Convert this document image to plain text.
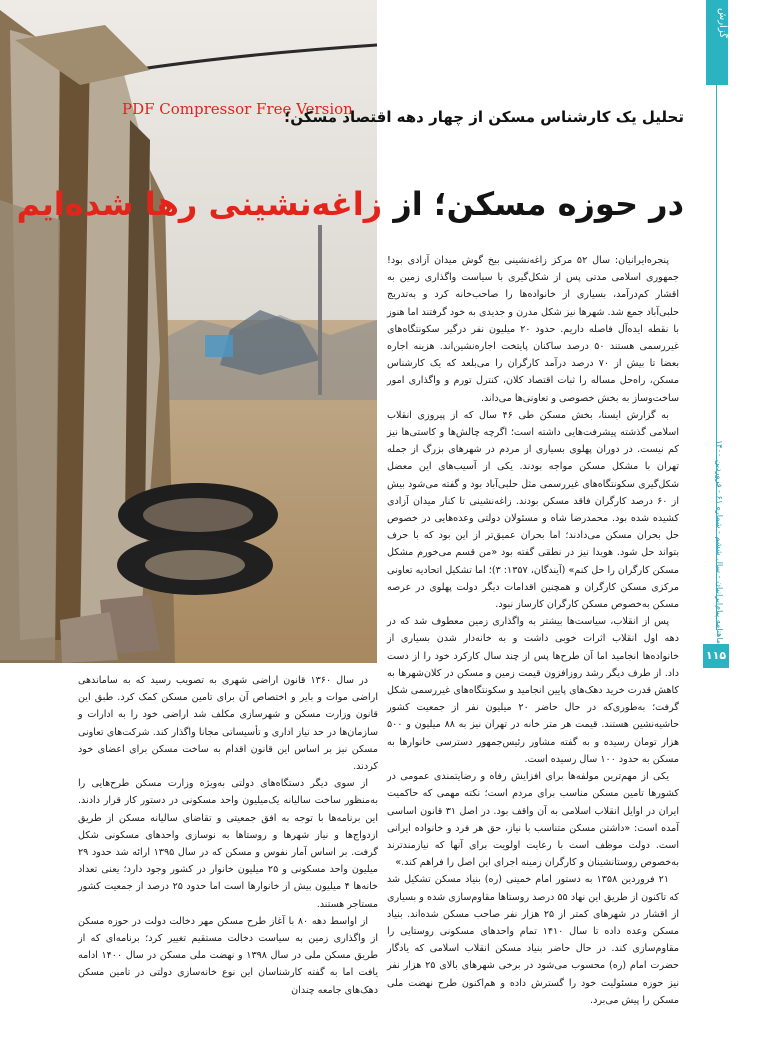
PDF Compressor Free Version
تحلیل یک کارشناس مسکن از چهار دهه اقتصاد مسکن؛
در حوزه مسکن؛ از زاغه‌نشینی رها شده‌ایم
گزارش
ماهنامه پیام‌ایرانیان - سال ششم - شماره ۶۱ - فروردین ۱۴۰۰
۱۱۵

پنجره‌ایرانیان: سال ۵۲ مرکز زاغه‌نشینی بیخ گوش میدان آزادی بود! جمهوری اسلامی مدتی پس از شکل‌گیری با سیاست واگذاری زمین به اقشار کم‌درآمد، بسیاری از خانواده‌ها را صاحب‌خانه کرد و به‌تدریج حلبی‌آباد جمع شد. شهرها نیز شکل مدرن و جدیدی به خود گرفتند اما هنوز با نقطه ایده‌آل فاصله داریم. حدود ۲۰ میلیون نفر درگیر سکونتگاه‌های غیررسمی هستند ۵۰ درصد ساکنان پایتخت اجاره‌نشین‌اند. هزینه اجاره بعضا تا بیش از ۷۰ درصد درآمد کارگران را می‌بلعد که یک کارشناس مسکن، راه‌حل مساله را ثبات اقتصاد کلان، کنترل تورم و واگذاری امور ساخت‌وساز به بخش خصوصی و تعاونی‌ها می‌داند.

به گزارش ایسنا، بخش مسکن طی ۴۶ سال که از پیروزی انقلاب اسلامی گذشته پیشرفت‌هایی داشته است؛ اگرچه چالش‌ها و کاستی‌ها نیز کم نیست. در دوران پهلوی بسیاری از مردم در شهرهای بزرگ از جمله تهران با مشکل مسکن مواجه بودند. یکی از آسیب‌های این معضل شکل‌گیری سکونتگاه‌های غیررسمی مثل حلبی‌آباد بود و گفته می‌شود بیش از ۶۰ درصد کارگران فاقد مسکن بودند. زاغه‌نشینی تا کنار میدان آزادی کشیده شده بود. محمدرضا شاه و مسئولان دولتی وعده‌هایی در خصوص حل بحران مسکن می‌دادند؛ اما بحران عمیق‌تر از این بود که با حرف بتواند حل شود. هویدا نیز در نطقی گفته بود «من قسم می‌خورم مشکل مسکن کارگران را حل کنم» (آیندگان، ۱۳۵۷: ۳)؛ اما تشکیل اتحادیه تعاونی مرکزی مسکن کارگران و همچنین اقدامات دیگر دولت پهلوی در عرصه مسکن به‌خصوص مسکن کارگران کارساز نبود.

پس از انقلاب، سیاست‌ها بیشتر به واگذاری زمین معطوف شد که در دهه اول انقلاب اثرات خوبی داشت و به خانه‌دار شدن بسیاری از خانواده‌ها انجامید اما آن طرح‌ها پس از چند سال کارکرد خود را از دست داد. از طرف دیگر رشد روزافزون قیمت زمین و مسکن در کلان‌شهرها به کاهش قدرت خرید دهک‌های پایین انجامید و سکونتگاه‌های غیررسمی شکل گرفت؛ به‌طوری‌که در حال حاضر ۲۰ میلیون نفر از جمعیت کشور حاشیه‌نشین هستند. قیمت هر متر خانه در تهران نیز به ۸۸ میلیون و ۵۰۰ هزار تومان رسیده و به گفته مشاور رئیس‌جمهور دسترسی خانوارها به مسکن به حدود ۱۰۰ سال رسیده است.

یکی از مهم‌ترین مولفه‌ها برای افزایش رفاه و رضایتمندی عمومی در کشورها تامین مسکن مناسب برای مردم است؛ نکته مهمی که حاکمیت ایران در اوایل انقلاب اسلامی به آن واقف بود. در اصل ۳۱ قانون اساسی آمده است: «داشتن مسکن متناسب با نیاز، حق هر فرد و خانواده ایرانی است. دولت موظف است با رعایت اولویت برای آنها که نیازمندترند به‌خصوص روستانشینان و کارگران زمینه اجرای این اصل را فراهم کند.»

۲۱ فروردین ۱۳۵۸ به دستور امام خمینی (ره) بنیاد مسکن تشکیل شد که تاکنون از طریق این نهاد ۵۵ درصد روستاها مقاوم‌سازی شده و بسیاری از اقشار در شهرهای کمتر از ۲۵ هزار نفر صاحب مسکن شده‌اند. بنیاد مسکن وعده داده تا سال ۱۴۱۰ تمام واحدهای مسکونی روستایی را مقاوم‌سازی کند. در حال حاضر بنیاد مسکن انقلاب اسلامی که یادگار حضرت امام (ره) محسوب می‌شود در برخی شهرهای بالای ۲۵ هزار نفر نیز حوزه مسئولیت خود را گسترش داده و هم‌اکنون طرح نهضت ملی مسکن را پیش می‌برد.

در سال ۱۳۶۰ قانون اراضی شهری به تصویب رسید که به ساماندهی اراضی موات و بایر و اختصاص آن برای تامین مسکن کمک کرد. طبق این قانون وزارت مسکن و شهرسازی مکلف شد اراضی خود را به ادارات و سازمان‌ها در حد نیاز اداری و تأسیساتی مجانا واگذار کند. شرکت‌های تعاونی مسکن نیز بر اساس این قانون اقدام به ساخت مسکن برای اعضای خود کردند.

از سوی دیگر دستگاه‌های دولتی به‌ویژه وزارت مسکن طرح‌هایی را به‌منظور ساخت سالیانه یک‌میلیون واحد مسکونی در دستور کار قرار دادند. این برنامه‌ها با توجه به افق جمعیتی و تقاضای سالیانه مسکن از طریق ازدواج‌ها و نیاز شهرها و روستاها به نوسازی واحدهای مسکونی شکل گرفت. بر اساس آمار نفوس و مسکن که در سال ۱۳۹۵ ارائه شد حدود ۲۹ میلیون واحد مسکونی و ۲۵ میلیون خانوار در کشور وجود دارد؛ یعنی تعداد خانه‌ها ۴ میلیون بیش از خانوارها است اما حدود ۲۵ درصد از جمعیت کشور مستاجر هستند.

از اواسط دهه ۸۰ با آغاز طرح مسکن مهر دخالت دولت در حوزه مسکن از واگذاری زمین به سیاست دخالت مستقیم تغییر کرد؛ برنامه‌ای که از طریق مسکن ملی در سال ۱۳۹۸ و نهضت ملی مسکن در سال ۱۴۰۰ ادامه یافت اما به گفته کارشناسان این نوع خانه‌سازی دولتی در تامین مسکن دهک‌های جامعه چندان
